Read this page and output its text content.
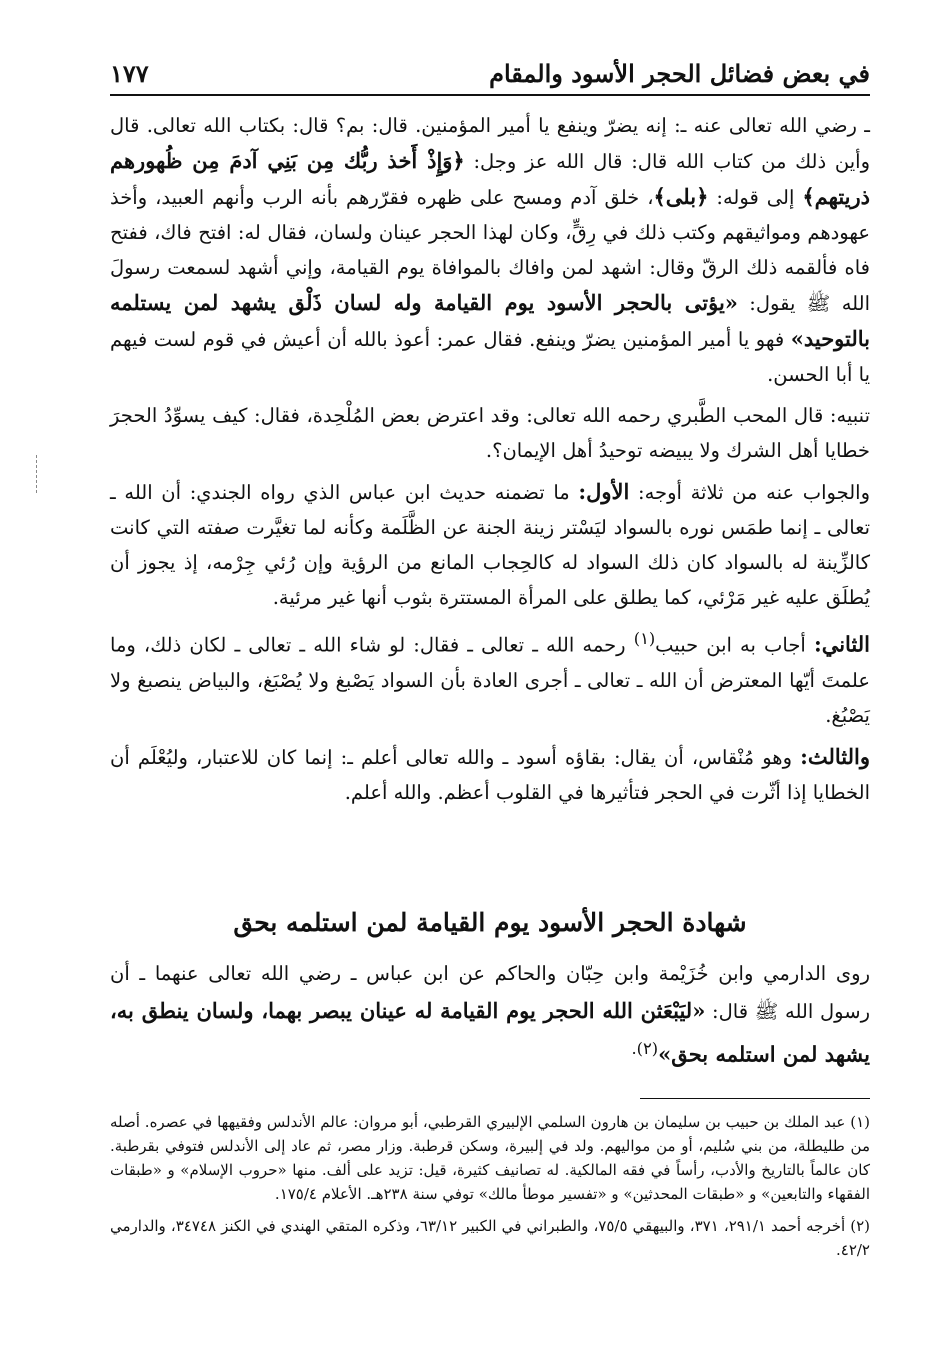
في بعض فضائل الحجر الأسود والمقام
١٧٧

ـ رضي الله تعالى عنه ـ: إنه يضرّ وينفع يا أمير المؤمنين. قال: بم؟ قال: بكتاب الله تعالى. قال وأين ذلك من كتاب الله قال: قال الله عز وجل: ﴿وَإِذْ أَخذ ربُّك مِن بَنِي آدمَ مِن ظُهورهم ذريتهم﴾ إلى قوله: ﴿بلى﴾، خلق آدم ومسح على ظهره فقرّرهم بأنه الرب وأنهم العبيد، وأخذ عهودهم ومواثيقهم وكتب ذلك في رِقٍّ، وكان لهذا الحجر عينان ولسان، فقال له: افتح فاك، ففتح فاه فألقمه ذلك الرقّ وقال: اشهد لمن وافاك بالموافاة يوم القيامة، وإني أشهد لسمعت رسولَ الله ﷺ يقول: «يؤتى بالحجر الأسود يوم القيامة وله لسان ذَلْق يشهد لمن يستلمه بالتوحيد» فهو يا أمير المؤمنين يضرّ وينفع. فقال عمر: أعوذ بالله أن أعيش في قوم لست فيهم يا أبا الحسن.

تنبيه: قال المحب الطَّبري رحمه الله تعالى: وقد اعترض بعض المُلْحِدة، فقال: كيف يسوِّدُ الحجرَ خطايا أهل الشرك ولا يبيضه توحيدُ أهل الإيمان؟.

والجواب عنه من ثلاثة أوجه: الأول: ما تضمنه حديث ابن عباس الذي رواه الجندي: أن الله ـ تعالى ـ إنما طمَس نوره بالسواد ليَسْتر زينة الجنة عن الظَّلَمة وكأنه لما تغيَّرت صفته التي كانت كالزِّينة له بالسواد كان ذلك السواد له كالحِجاب المانع من الرؤية وإن رُئي جِرْمه، إذ يجوز أن يُطلَق عليه غير مَرْئي، كما يطلق على المرأة المستترة بثوب أنها غير مرئية.

الثاني: أجاب به ابن حبيب$^{(١)}$ رحمه الله ـ تعالى ـ فقال: لو شاء الله ـ تعالى ـ لكان ذلك، وما علمتَ أيّها المعترض أن الله ـ تعالى ـ أجرى العادة بأن السواد يَصْبغ ولا يُصْبَغ، والبياض ينصبغ ولا يَصْبُغ.

والثالث: وهو مُنْقاس، أن يقال: بقاؤه أسود ـ والله تعالى أعلم ـ: إنما كان للاعتبار، وليُعْلَم أن الخطايا إذا أثّرت في الحجر فتأثيرها في القلوب أعظم. والله أعلم.

شهادة الحجر الأسود يوم القيامة لمن استلمه بحق

روى الدارمي وابن خُزَيْمة وابن حِبّان والحاكم عن ابن عباس ـ رضي الله تعالى عنهما ـ أن رسول الله ﷺ قال: «ليَبْعَثن الله الحجر يوم القيامة له عينان يبصر بهما، ولسان ينطق به، يشهد لمن استلمه بحق»$^{(٢).}$

(١) عبد الملك بن حبيب بن سليمان بن هارون السلمي الإلبيري القرطبي، أبو مروان: عالم الأندلس وفقيهها في عصره. أصله من طليطلة، من بني سُليم، أو من مواليهم. ولد في إلبيرة، وسكن قرطبة. وزار مصر، ثم عاد إلى الأندلس فتوفي بقرطبة. كان عالماً بالتاريخ والأدب، رأساً في فقه المالكية. له تصانيف كثيرة، قيل: تزيد على ألف. منها «حروب الإسلام» و «طبقات الفقهاء والتابعين» و «طبقات المحدثين» و «تفسير موطأ مالك» توفي سنة ٢٣٨هـ. الأعلام ١٧٥/٤.

(٢) أخرجه أحمد ٢٩١/١، ٣٧١، والبيهقي ٧٥/٥، والطبراني في الكبير ٦٣/١٢، وذكره المتقي الهندي في الكنز ٣٤٧٤٨، والدارمي ٤٢/٢.
